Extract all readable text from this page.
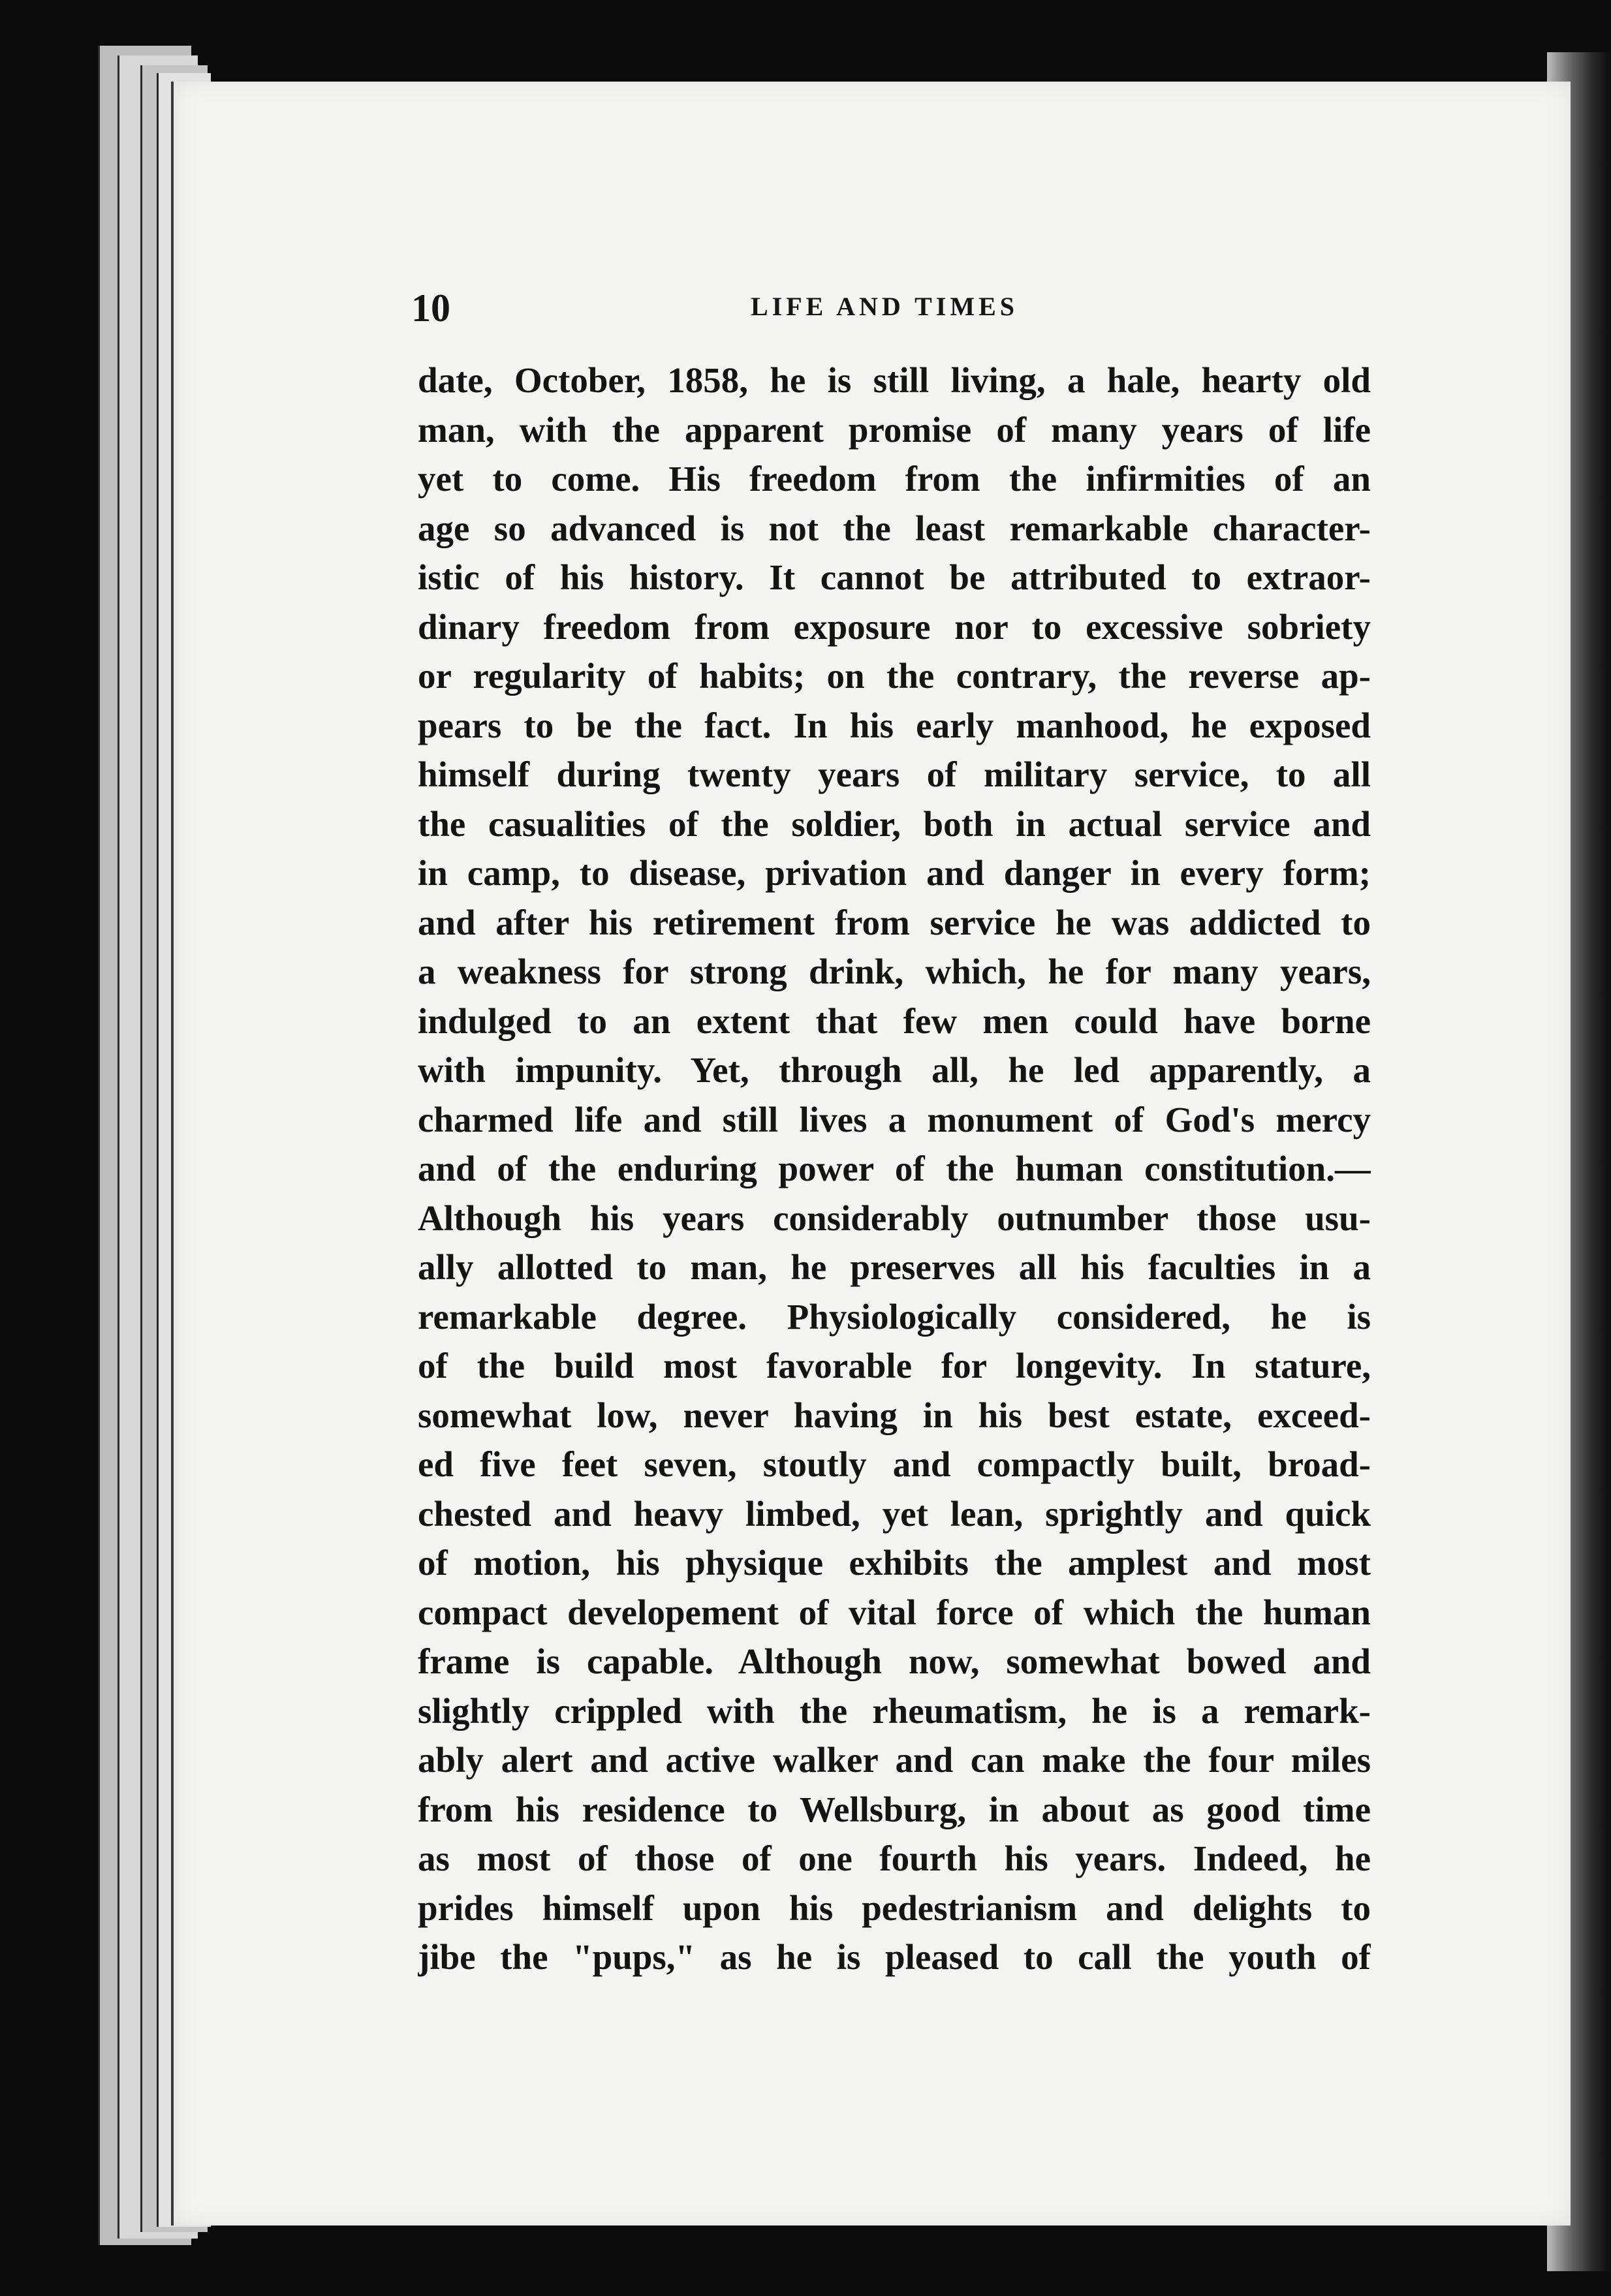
10	LIFE AND TIMES
date, October, 1858, he is still living, a hale, hearty old
man, with the apparent promise of many years of life
yet to come. His freedom from the infirmities of an
age so advanced is not the least remarkable character-
istic of his history. It cannot be attributed to extraor-
dinary freedom from exposure nor to excessive sobriety
or regularity of habits; on the contrary, the reverse ap-
pears to be the fact. In his early manhood, he exposed
himself during twenty years of military service, to all
the casualities of the soldier, both in actual service and
in camp, to disease, privation and danger in every form;
and after his retirement from service he was addicted to
a weakness for strong drink, which, he for many years,
indulged to an extent that few men could have borne
with impunity. Yet, through all, he led apparently, a
charmed life and still lives a monument of God's mercy
and of the enduring power of the human constitution.—
Although his years considerably outnumber those usu-
ally allotted to man, he preserves all his faculties in a
remarkable degree. Physiologically considered, he is
of the build most favorable for longevity. In stature,
somewhat low, never having in his best estate, exceed-
ed five feet seven, stoutly and compactly built, broad-
chested and heavy limbed, yet lean, sprightly and quick
of motion, his physique exhibits the amplest and most
compact developement of vital force of which the human
frame is capable. Although now, somewhat bowed and
slightly crippled with the rheumatism, he is a remark-
ably alert and active walker and can make the four miles
from his residence to Wellsburg, in about as good time
as most of those of one fourth his years. Indeed, he
prides himself upon his pedestrianism and delights to
jibe the "pups," as he is pleased to call the youth of
